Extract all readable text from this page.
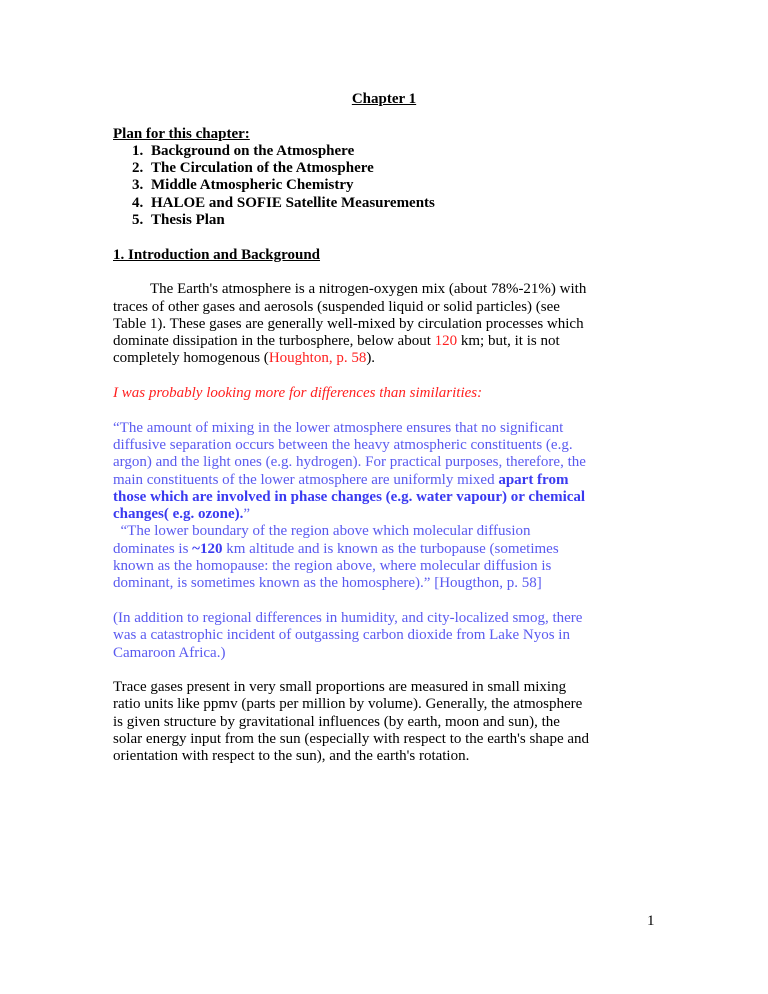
Chapter 1
Plan for this chapter:
1. Background on the Atmosphere
2. The Circulation of the Atmosphere
3. Middle Atmospheric Chemistry
4. HALOE and SOFIE Satellite Measurements
5. Thesis Plan
1. Introduction and Background

The Earth's atmosphere is a nitrogen-oxygen mix (about 78%-21%) with traces of other gases and aerosols (suspended liquid or solid particles) (see Table 1). These gases are generally well-mixed by circulation processes which dominate dissipation in the turbosphere, below about 120 km; but, it is not completely homogenous (Houghton, p. 58).

I was probably looking more for differences than similarities:

“The amount of mixing in the lower atmosphere ensures that no significant diffusive separation occurs between the heavy atmospheric constituents (e.g. argon) and the light ones (e.g. hydrogen). For practical purposes, therefore, the main constituents of the lower atmosphere are uniformly mixed apart from those which are involved in phase changes (e.g. water vapour) or chemical changes( e.g. ozone).”
“The lower boundary of the region above which molecular diffusion dominates is ~120 km altitude and is known as the turbopause (sometimes known as the homopause: the region above, where molecular diffusion is dominant, is sometimes known as the homosphere).” [Hougthon, p. 58]

(In addition to regional differences in humidity, and city-localized smog, there was a catastrophic incident of outgassing carbon dioxide from Lake Nyos in Camaroon Africa.)

Trace gases present in very small proportions are measured in small mixing ratio units like ppmv (parts per million by volume). Generally, the atmosphere is given structure by gravitational influences (by earth, moon and sun), the solar energy input from the sun (especially with respect to the earth's shape and orientation with respect to the sun), and the earth's rotation.

1
